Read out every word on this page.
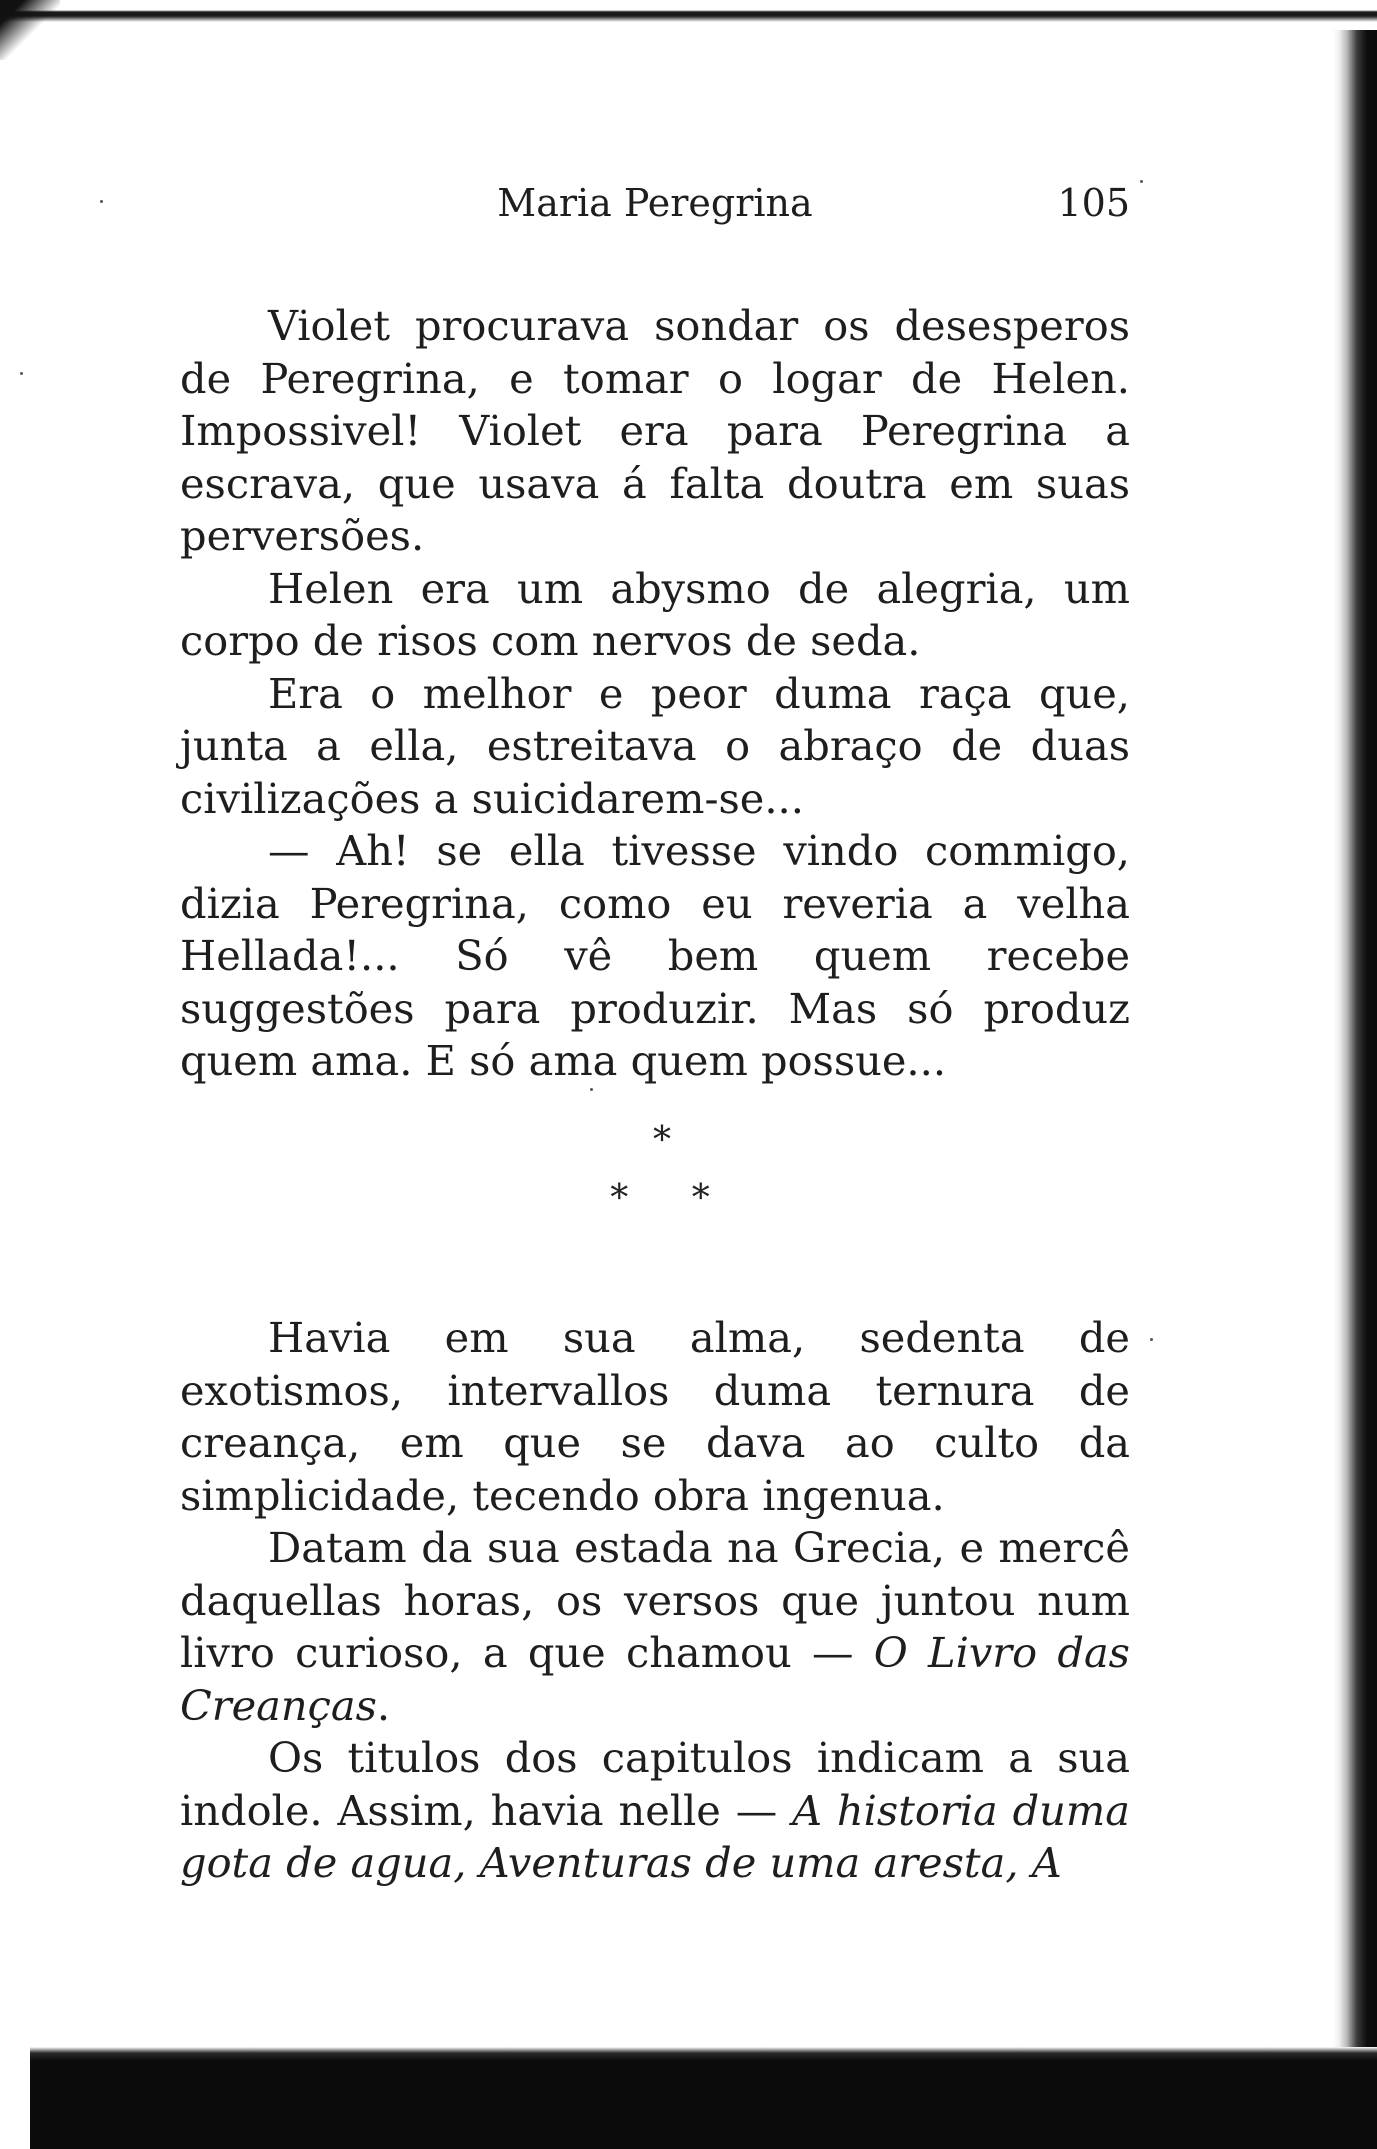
Maria Peregrina	105

Violet procurava sondar os desesperos de Peregrina, e tomar o logar de Helen. Impossivel! Violet era para Peregrina a escrava, que usava á falta doutra em suas perversões.

Helen era um abysmo de alegria, um corpo de risos com nervos de seda.

Era o melhor e peor duma raça que, junta a ella, estreitava o abraço de duas civilizações a suicidarem-se...

— Ah! se ella tivesse vindo commigo, dizia Peregrina, como eu reveria a velha Hellada!... Só vê bem quem recebe suggestões para produzir. Mas só produz quem ama. E só ama quem possue...

*
* *

Havia em sua alma, sedenta de exotismos, intervallos duma ternura de creança, em que se dava ao culto da simplicidade, tecendo obra ingenua.

Datam da sua estada na Grecia, e mercê daquellas horas, os versos que juntou num livro curioso, a que chamou — O Livro das Creanças.

Os titulos dos capitulos indicam a sua indole. Assim, havia nelle — A historia duma gota de agua, Aventuras de uma aresta, A
